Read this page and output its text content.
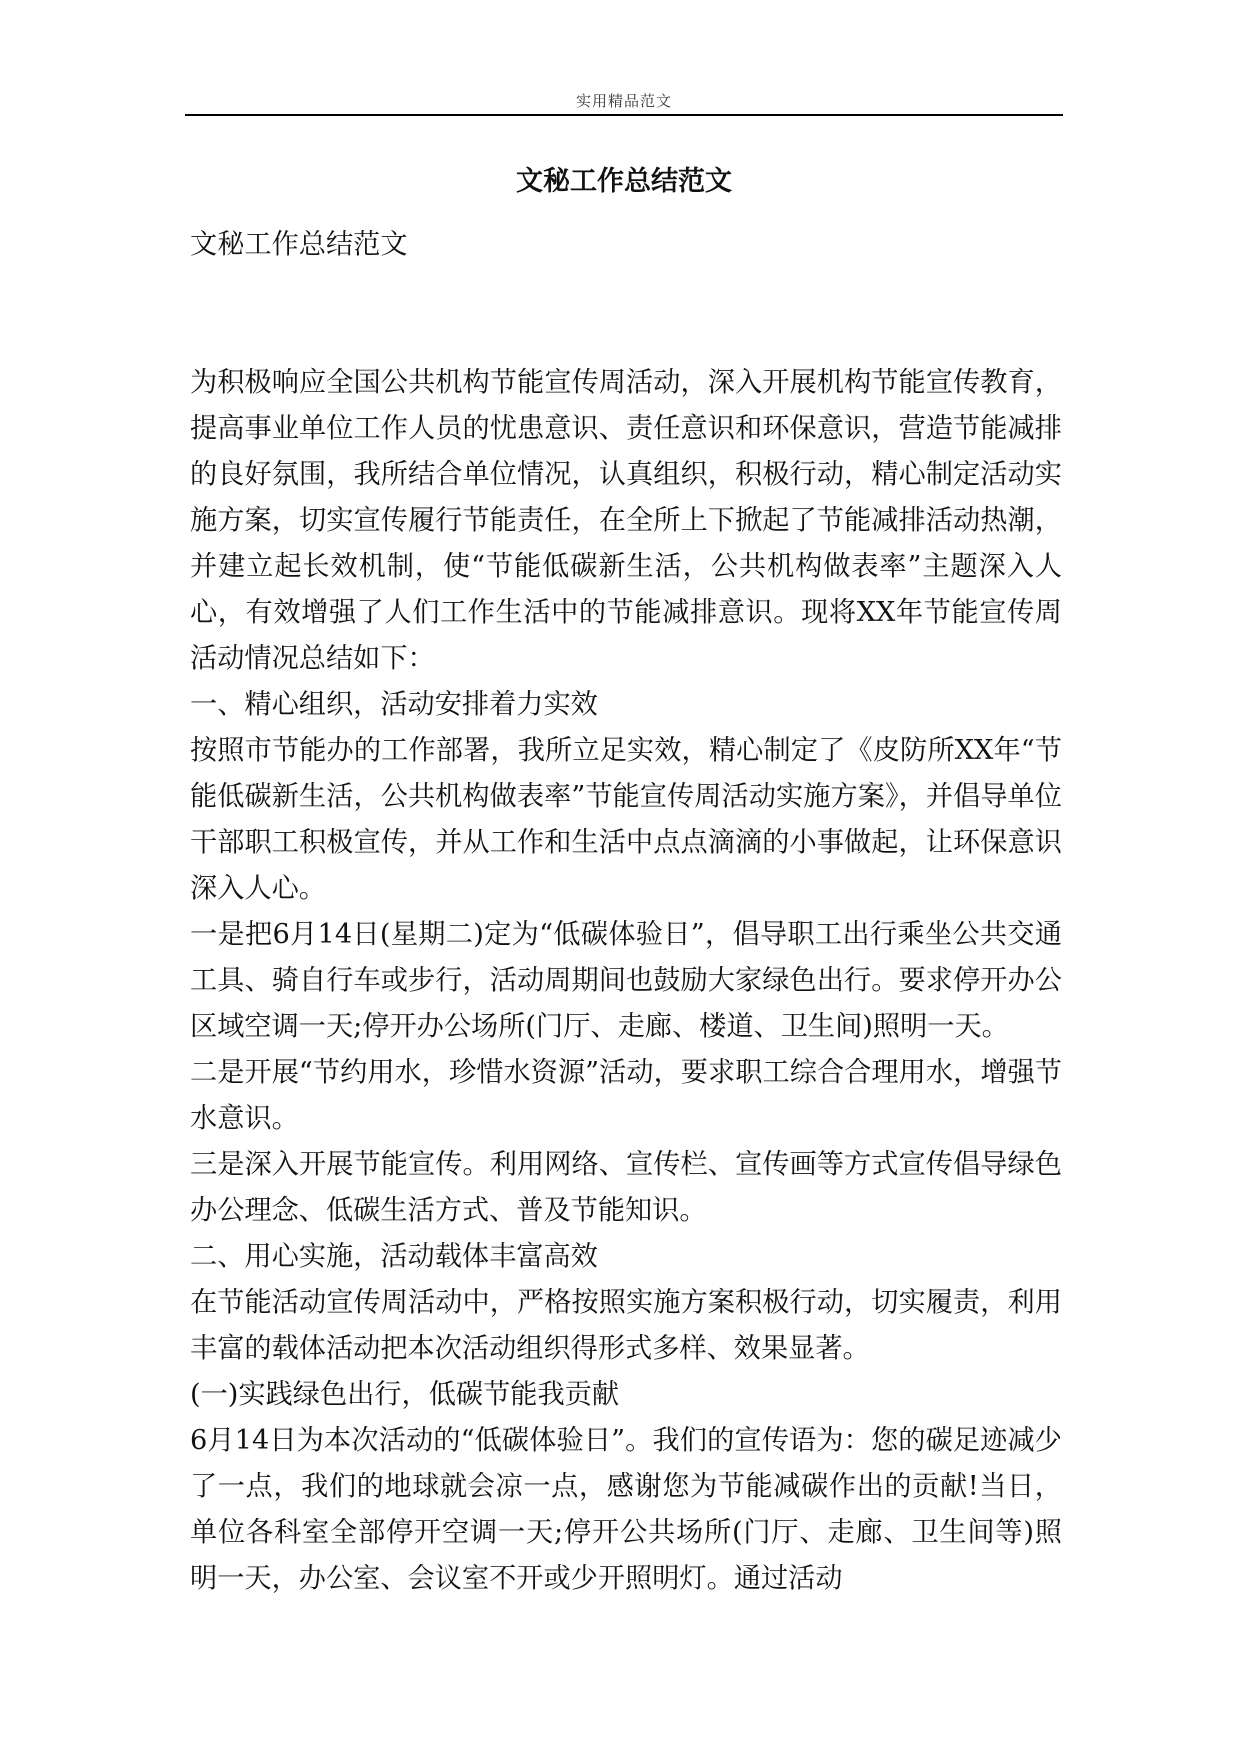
实用精品范文
文秘工作总结范文

文秘工作总结范文

为积极响应全国公共机构节能宣传周活动，深入开展机构节能宣传教育，提高事业单位工作人员的忧患意识、责任意识和环保意识，营造节能减排的良好氛围，我所结合单位情况，认真组织，积极行动，精心制定活动实施方案，切实宣传履行节能责任，在全所上下掀起了节能减排活动热潮，并建立起长效机制，使“节能低碳新生活，公共机构做表率”主题深入人心，有效增强了人们工作生活中的节能减排意识。现将XX年节能宣传周活动情况总结如下：

一、精心组织，活动安排着力实效

按照市节能办的工作部署，我所立足实效，精心制定了《皮防所XX年“节能低碳新生活，公共机构做表率”节能宣传周活动实施方案》，并倡导单位干部职工积极宣传，并从工作和生活中点点滴滴的小事做起，让环保意识深入人心。

一是把6月14日(星期二)定为“低碳体验日”，倡导职工出行乘坐公共交通工具、骑自行车或步行，活动周期间也鼓励大家绿色出行。要求停开办公区域空调一天;停开办公场所(门厅、走廊、楼道、卫生间)照明一天。

二是开展“节约用水，珍惜水资源”活动，要求职工综合合理用水，增强节水意识。

三是深入开展节能宣传。利用网络、宣传栏、宣传画等方式宣传倡导绿色办公理念、低碳生活方式、普及节能知识。

二、用心实施，活动载体丰富高效

在节能活动宣传周活动中，严格按照实施方案积极行动，切实履责，利用丰富的载体活动把本次活动组织得形式多样、效果显著。

(一)实践绿色出行，低碳节能我贡献

6月14日为本次活动的“低碳体验日”。我们的宣传语为：您的碳足迹减少了一点，我们的地球就会凉一点，感谢您为节能减碳作出的贡献!当日，单位各科室全部停开空调一天;停开公共场所(门厅、走廊、卫生间等)照明一天，办公室、会议室不开或少开照明灯。通过活动
